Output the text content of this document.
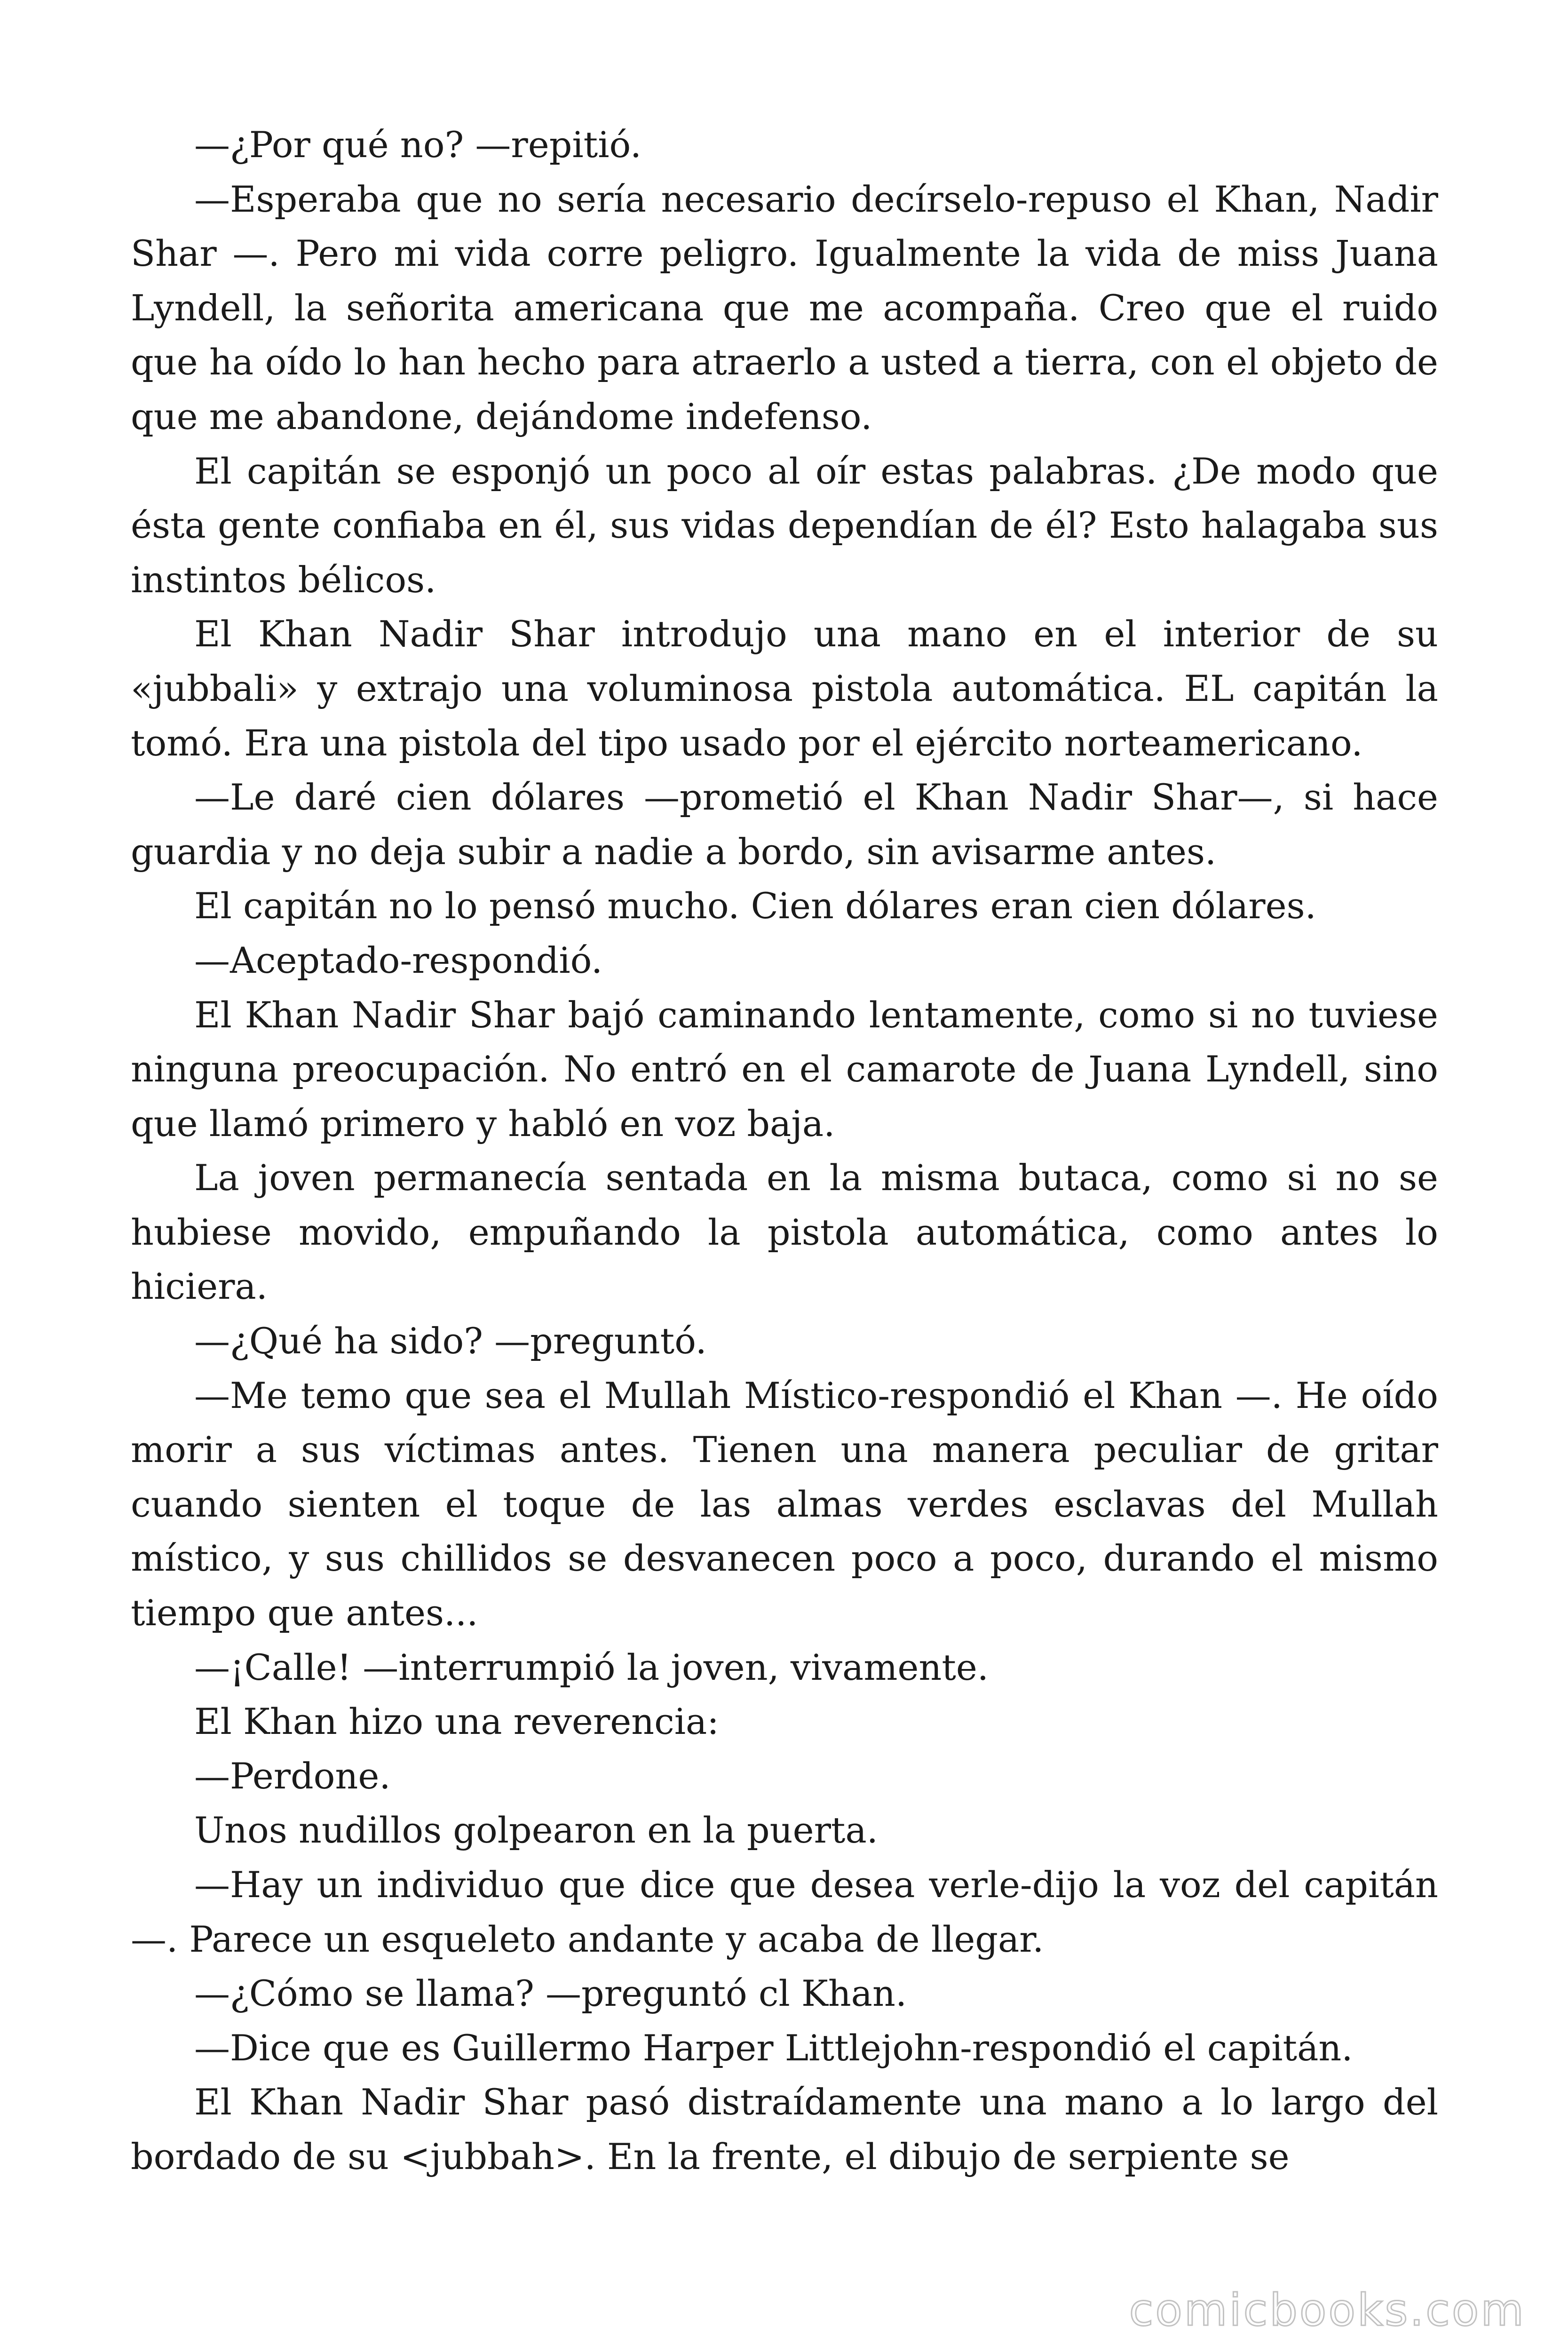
—¿Por qué no? —repitió.

—Esperaba que no sería necesario decírselo-repuso el Khan, Nadir Shar —. Pero mi vida corre peligro. Igualmente la vida de miss Juana Lyndell, la señorita americana que me acompaña. Creo que el ruido que ha oído lo han hecho para atraerlo a usted a tierra, con el objeto de que me abandone, dejándome indefenso.

El capitán se esponjó un poco al oír estas palabras. ¿De modo que ésta gente confiaba en él, sus vidas dependían de él? Esto halagaba sus instintos bélicos.

El Khan Nadir Shar introdujo una mano en el interior de su «jubbali» y extrajo una voluminosa pistola automática. EL capitán la tomó. Era una pistola del tipo usado por el ejército norteamericano.

—Le daré cien dólares —prometió el Khan Nadir Shar—, si hace guardia y no deja subir a nadie a bordo, sin avisarme antes.

El capitán no lo pensó mucho. Cien dólares eran cien dólares.

—Aceptado-respondió.

El Khan Nadir Shar bajó caminando lentamente, como si no tuviese ninguna preocupación. No entró en el camarote de Juana Lyndell, sino que llamó primero y habló en voz baja.

La joven permanecía sentada en la misma butaca, como si no se hubiese movido, empuñando la pistola automática, como antes lo hiciera.

—¿Qué ha sido? —preguntó.

—Me temo que sea el Mullah Místico-respondió el Khan —. He oído morir a sus víctimas antes. Tienen una manera peculiar de gritar cuando sienten el toque de las almas verdes esclavas del Mullah místico, y sus chillidos se desvanecen poco a poco, durando el mismo tiempo que antes...

—¡Calle! —interrumpió la joven, vivamente.

El Khan hizo una reverencia:

—Perdone.

Unos nudillos golpearon en la puerta.

—Hay un individuo que dice que desea verle-dijo la voz del capitán —. Parece un esqueleto andante y acaba de llegar.

—¿Cómo se llama? —preguntó cl Khan.

—Dice que es Guillermo Harper Littlejohn-respondió el capitán.

El Khan Nadir Shar pasó distraídamente una mano a lo largo del bordado de su <jubbah>. En la frente, el dibujo de serpiente se

comicbooks.com
